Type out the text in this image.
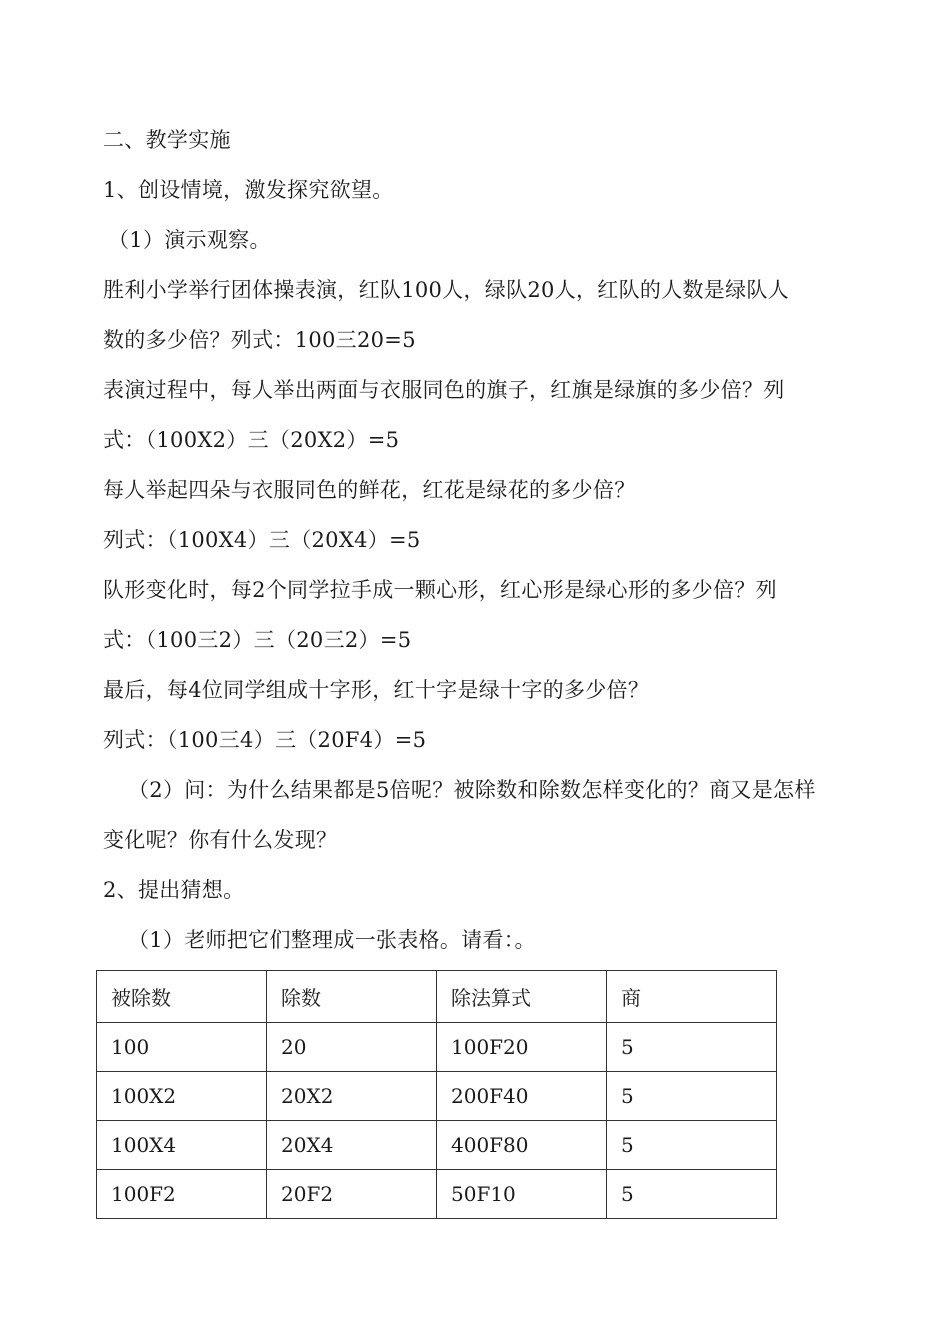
二、教学实施
1、创设情境，激发探究欲望。
（1）演示观察。
胜利小学举行团体操表演，红队100人，绿队20人，红队的人数是绿队人
数的多少倍？列式：100三20=5
表演过程中，每人举出两面与衣服同色的旗子，红旗是绿旗的多少倍？列
式：（100X2）三（20X2）=5
每人举起四朵与衣服同色的鲜花，红花是绿花的多少倍？
列式：（100X4）三（20X4）=5
队形变化时，每2个同学拉手成一颗心形，红心形是绿心形的多少倍？列
式：（100三2）三（20三2）=5
最后，每4位同学组成十字形，红十字是绿十字的多少倍？
列式：（100三4）三（20F4）=5
（2）问：为什么结果都是5倍呢？被除数和除数怎样变化的？商又是怎样
变化呢？你有什么发现？
2、提出猜想。
（1）老师把它们整理成一张表格。请看：。
被除数	除数	除法算式	商
100	20	100F20	5
100X2	20X2	200F40	5
100X4	20X4	400F80	5
100F2	20F2	50F10	5
